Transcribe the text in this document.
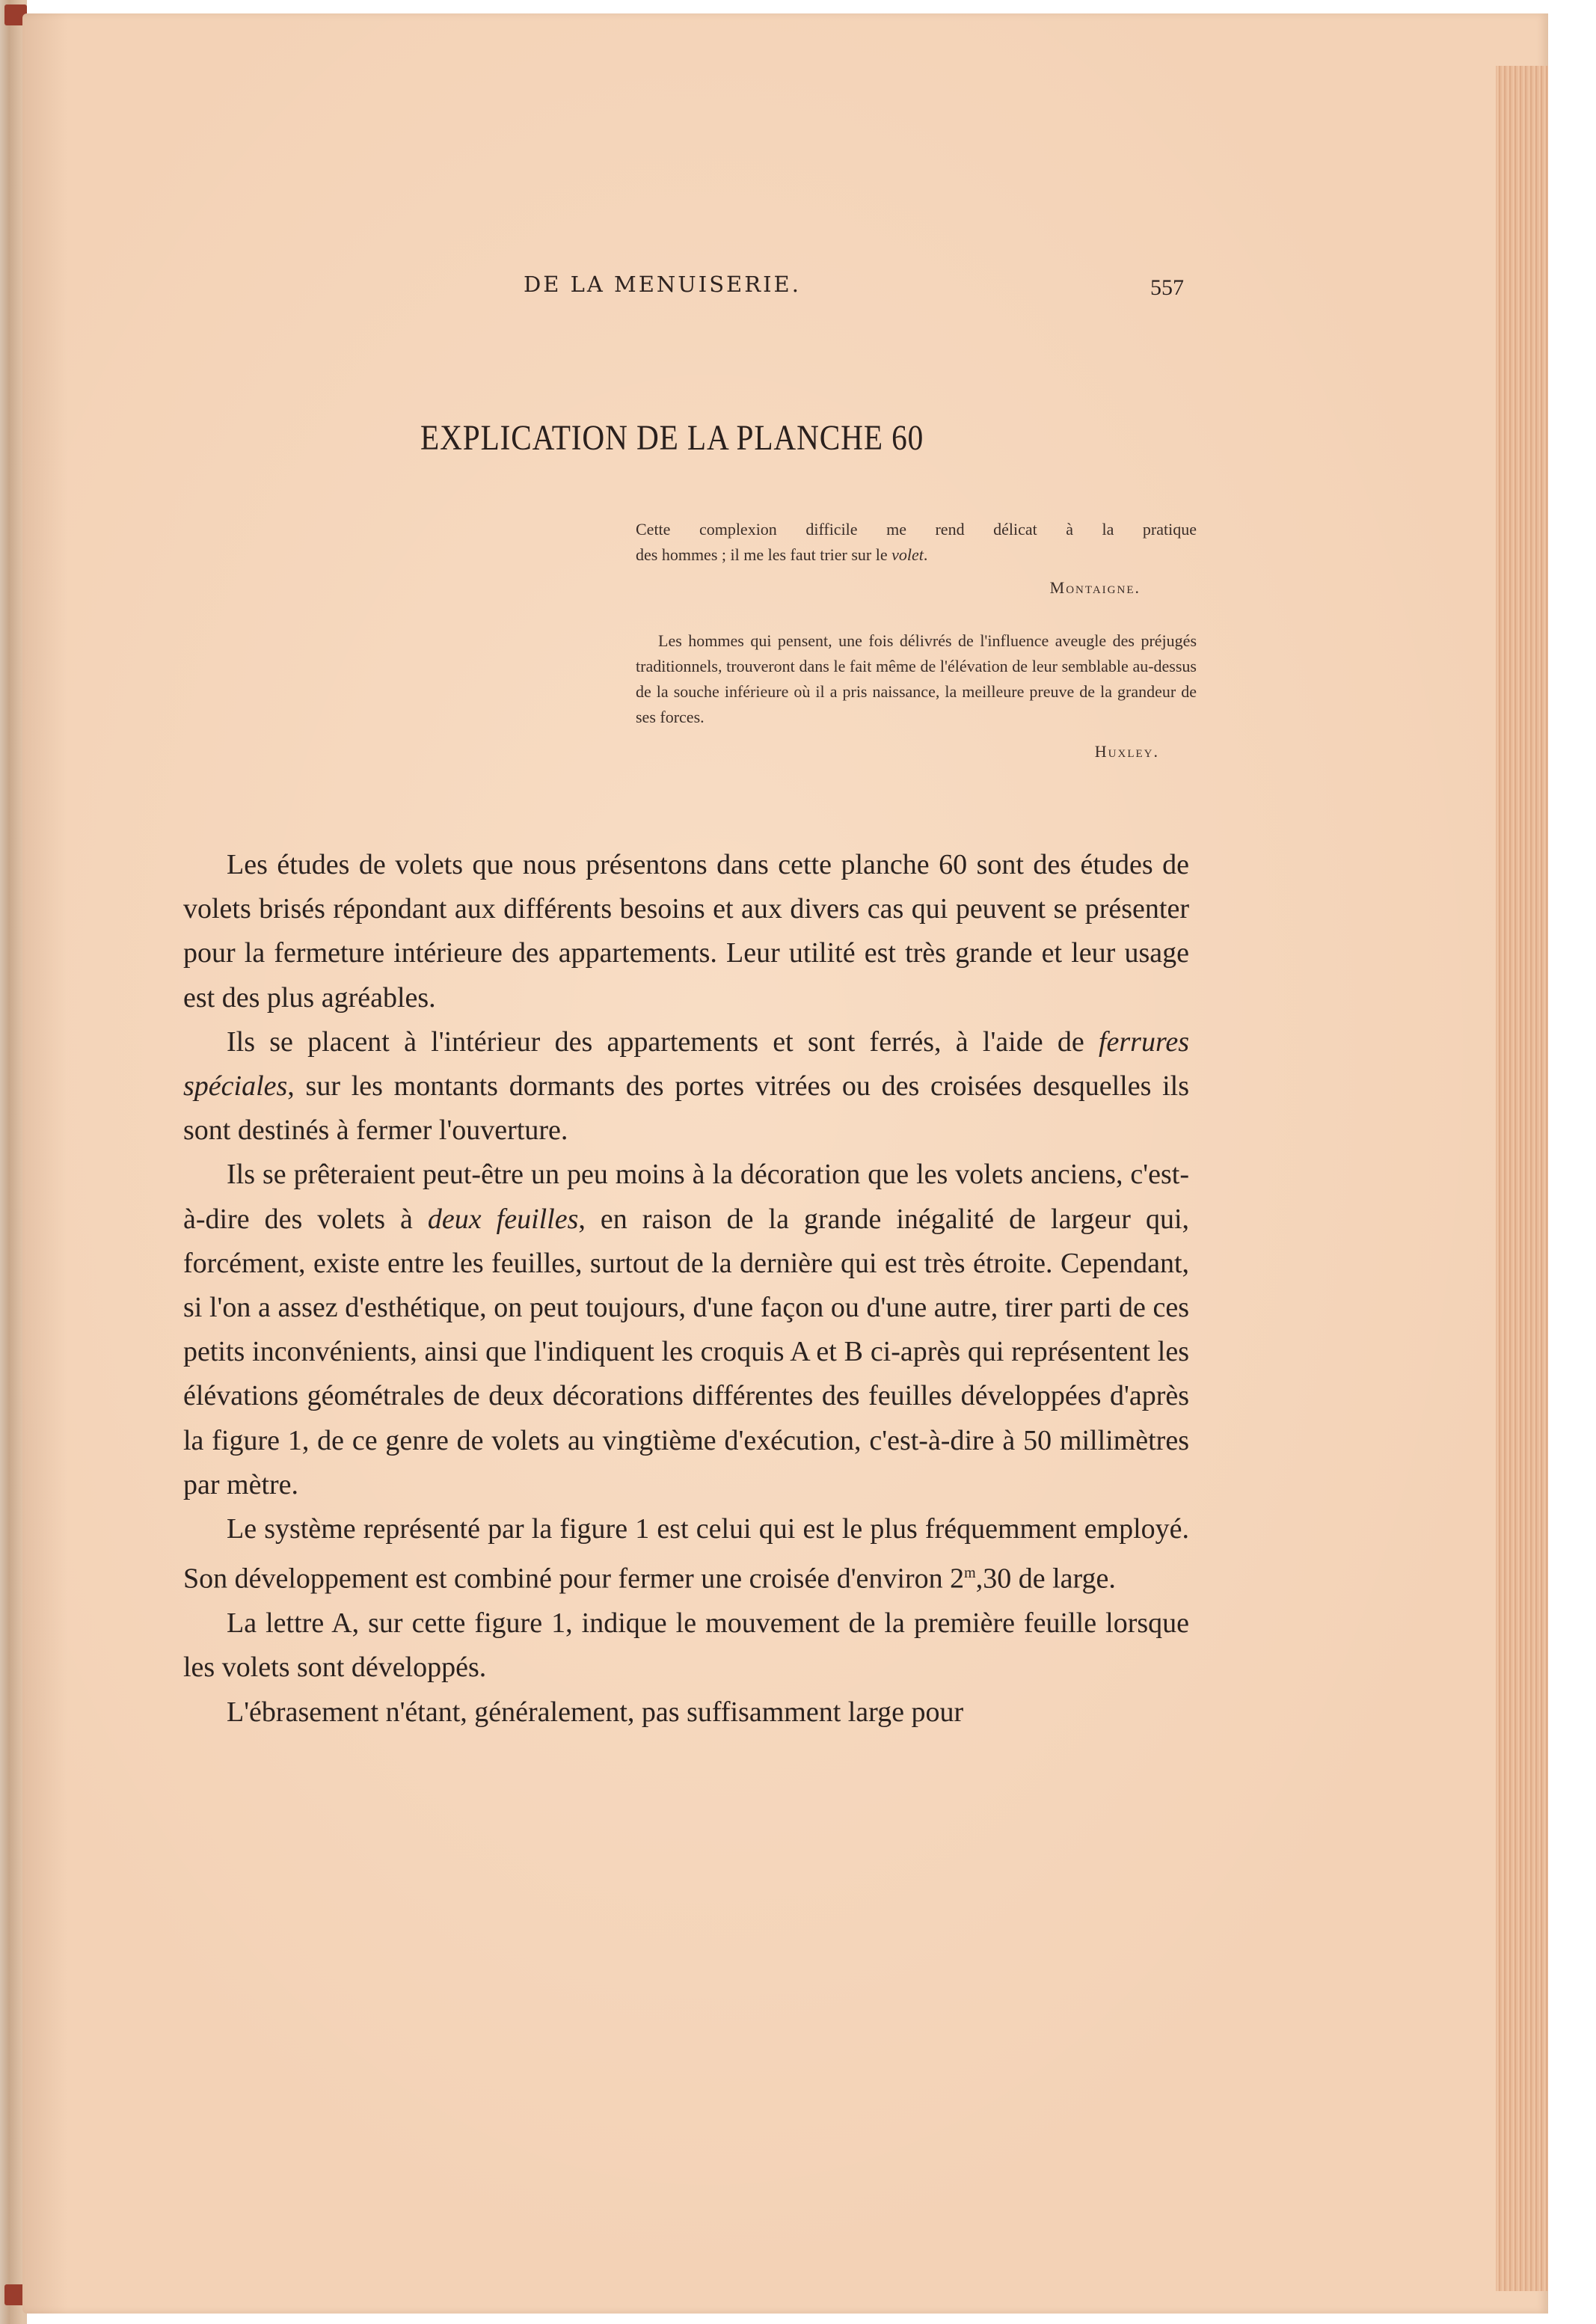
DE LA MENUISERIE.	557
EXPLICATION DE LA PLANCHE 60
Cette complexion difficile me rend délicat à la pratique
des hommes ; il me les faut trier sur le volet.
Montaigne.
Les hommes qui pensent, une fois délivrés de l'influence aveugle des préjugés traditionnels, trouveront dans le fait même de l'élévation de leur semblable au-dessus de la souche inférieure où il a pris naissance, la meilleure preuve de la grandeur de ses forces.
Huxley.

Les études de volets que nous présentons dans cette planche 60 sont des études de volets brisés répondant aux différents besoins et aux divers cas qui peuvent se présenter pour la fermeture intérieure des appartements. Leur utilité est très grande et leur usage est des plus agréables.

Ils se placent à l'intérieur des appartements et sont ferrés, à l'aide de ferrures spéciales, sur les montants dormants des portes vitrées ou des croisées desquelles ils sont destinés à fermer l'ouverture.

Ils se prêteraient peut-être un peu moins à la décoration que les volets anciens, c'est-à-dire des volets à deux feuilles, en raison de la grande inégalité de largeur qui, forcément, existe entre les feuilles, surtout de la dernière qui est très étroite. Cependant, si l'on a assez d'esthétique, on peut toujours, d'une façon ou d'une autre, tirer parti de ces petits inconvénients, ainsi que l'indiquent les croquis A et B ci-après qui représentent les élévations géométrales de deux décorations différentes des feuilles développées d'après la figure 1, de ce genre de volets au vingtième d'exécution, c'est-à-dire à 50 millimètres par mètre.

Le système représenté par la figure 1 est celui qui est le plus fréquemment employé. Son développement est combiné pour fermer une croisée d'environ 2$^m$,30 de large.

La lettre A, sur cette figure 1, indique le mouvement de la première feuille lorsque les volets sont développés.

L'ébrasement n'étant, généralement, pas suffisamment large pour
